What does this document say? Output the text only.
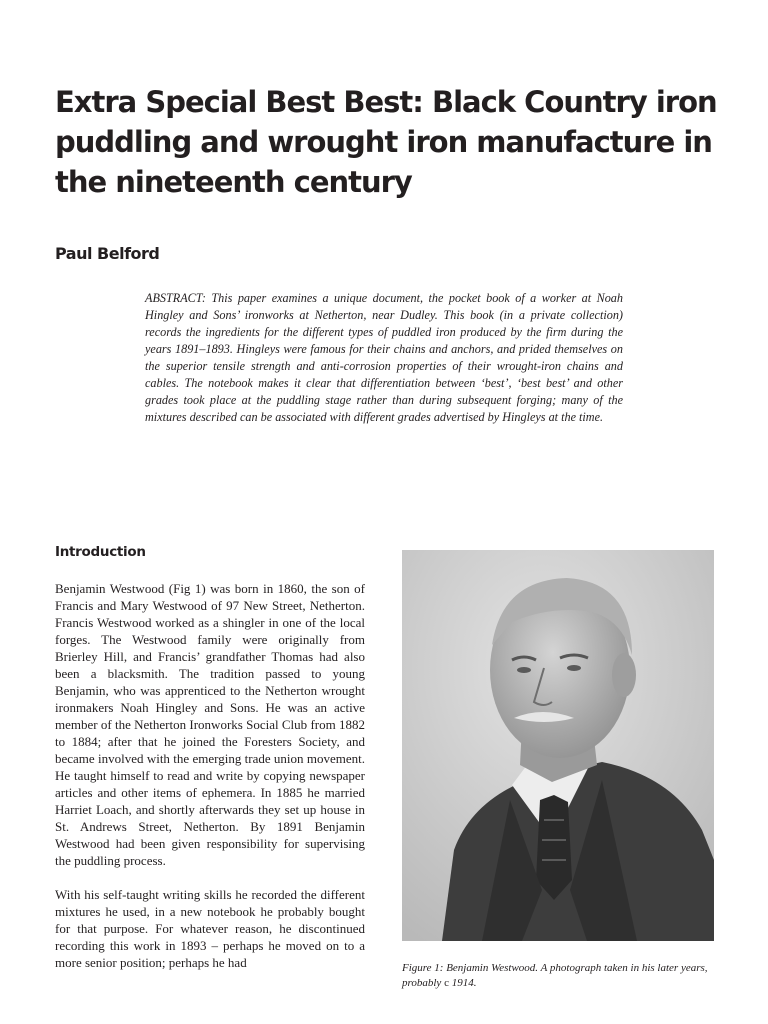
Extra Special Best Best: Black Country iron puddling and wrought iron manufacture in the nineteenth century
Paul Belford

ABSTRACT: This paper examines a unique document, the pocket book of a worker at Noah Hingley and Sons’ ironworks at Netherton, near Dudley. This book (in a private collection) records the ingredients for the different types of puddled iron produced by the firm during the years 1891–1893. Hingleys were famous for their chains and anchors, and prided themselves on the superior tensile strength and anti-corrosion properties of their wrought-iron chains and cables. The notebook makes it clear that differentiation between ‘best’, ‘best best’ and other grades took place at the puddling stage rather than during subsequent forging; many of the mixtures described can be associated with different grades advertised by Hingleys at the time.

Introduction

Benjamin Westwood (Fig 1) was born in 1860, the son of Francis and Mary Westwood of 97 New Street, Netherton. Francis Westwood worked as a shingler in one of the local forges. The Westwood family were originally from Brierley Hill, and Francis’ grandfather Thomas had also been a blacksmith. The tradition passed to young Benjamin, who was apprenticed to the Netherton wrought ironmakers Noah Hingley and Sons. He was an active member of the Netherton Ironworks Social Club from 1882 to 1884; after that he joined the Foresters Society, and became involved with the emerging trade union movement. He taught himself to read and write by copying newspaper articles and other items of ephemera. In 1885 he married Harriet Loach, and shortly afterwards they set up house in St. Andrews Street, Netherton. By 1891 Benjamin Westwood had been given responsibility for supervising the puddling process.

With his self-taught writing skills he recorded the different mixtures he used, in a new notebook he probably bought for that purpose. For whatever reason, he discontinued recording this work in 1893 – perhaps he moved on to a more senior position; perhaps he had	Figure 1: Benjamin Westwood. A photograph taken in his later years, probably c 1914.
